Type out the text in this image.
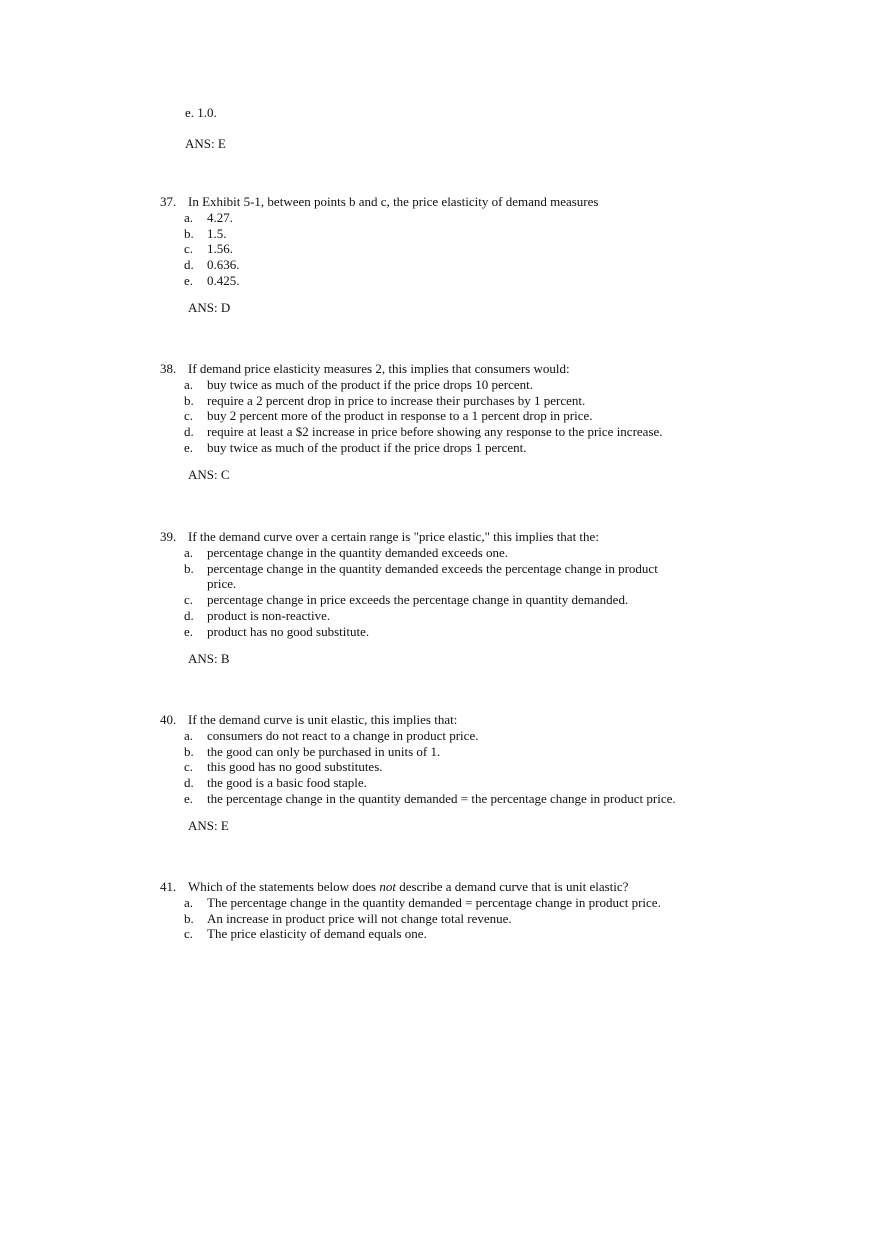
e. 1.0.
ANS: E
37. In Exhibit 5-1, between points b and c, the price elasticity of demand measures
a.	4.27.
b.	1.5.
c.	1.56.
d.	0.636.
e.	0.425.
ANS: D
38. If demand price elasticity measures 2, this implies that consumers would:
a.	buy twice as much of the product if the price drops 10 percent.
b.	require a 2 percent drop in price to increase their purchases by 1 percent.
c.	buy 2 percent more of the product in response to a 1 percent drop in price.
d.	require at least a $2 increase in price before showing any response to the price increase.
e.	buy twice as much of the product if the price drops 1 percent.
ANS: C
39. If the demand curve over a certain range is "price elastic," this implies that the:
a.	percentage change in the quantity demanded exceeds one.
b.	percentage change in the quantity demanded exceeds the percentage change in product price.
c.	percentage change in price exceeds the percentage change in quantity demanded.
d.	product is non-reactive.
e.	product has no good substitute.
ANS: B
40. If the demand curve is unit elastic, this implies that:
a.	consumers do not react to a change in product price.
b.	the good can only be purchased in units of 1.
c.	this good has no good substitutes.
d.	the good is a basic food staple.
e.	the percentage change in the quantity demanded = the percentage change in product price.
ANS: E
41. Which of the statements below does not describe a demand curve that is unit elastic?
a.	The percentage change in the quantity demanded = percentage change in product price.
b.	An increase in product price will not change total revenue.
c.	The price elasticity of demand equals one.
